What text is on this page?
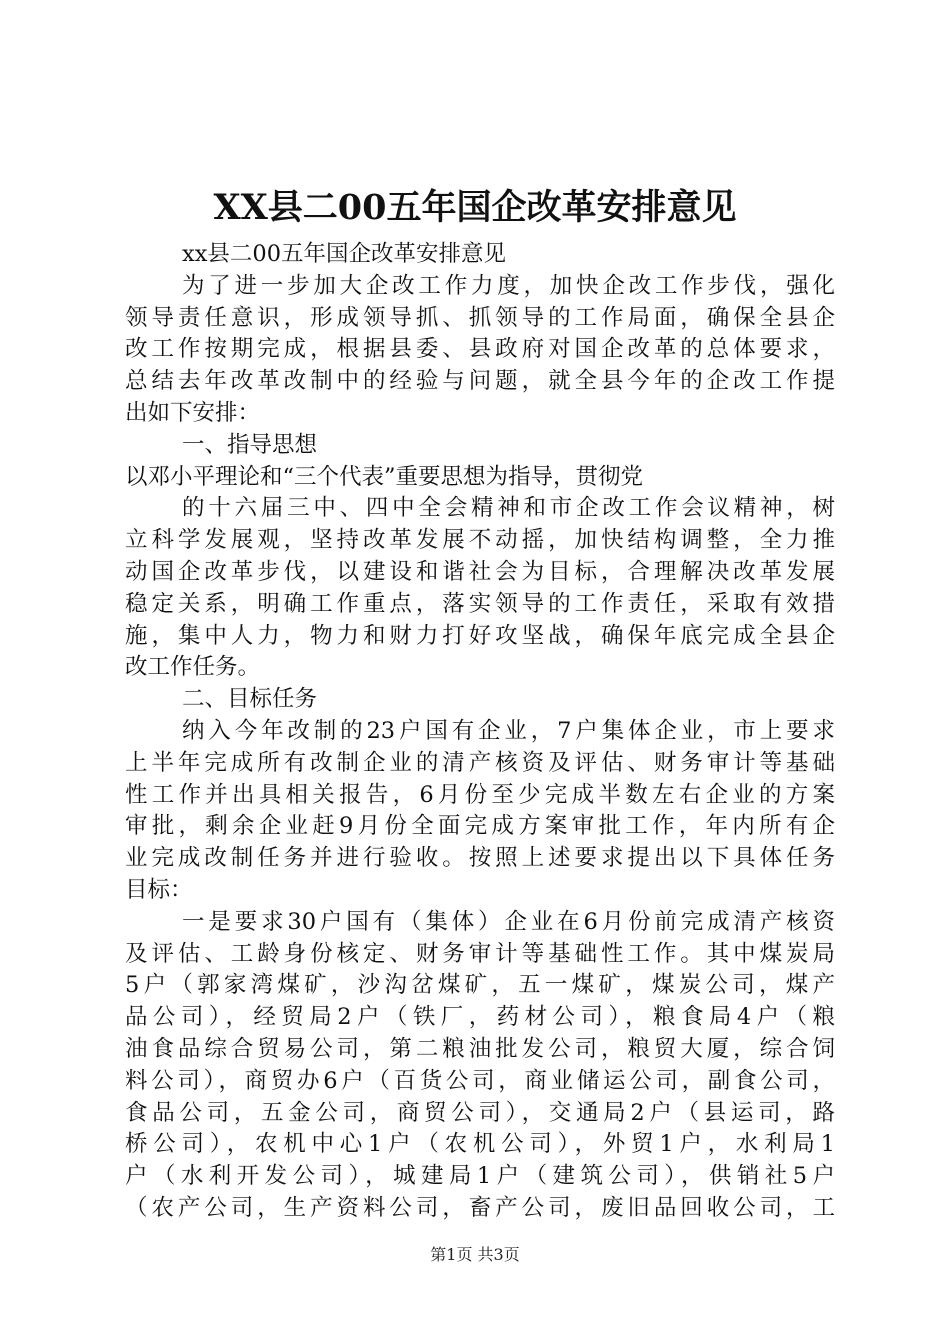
XX县二00五年国企改革安排意见
xx县二00五年国企改革安排意见
为了进一步加大企改工作力度，加快企改工作步伐，强化
领导责任意识，形成领导抓、抓领导的工作局面，确保全县企
改工作按期完成，根据县委、县政府对国企改革的总体要求，
总结去年改革改制中的经验与问题，就全县今年的企改工作提
出如下安排：
一、指导思想
以邓小平理论和“三个代表”重要思想为指导，贯彻党
的十六届三中、四中全会精神和市企改工作会议精神，树
立科学发展观，坚持改革发展不动摇，加快结构调整，全力推
动国企改革步伐，以建设和谐社会为目标，合理解决改革发展
稳定关系，明确工作重点，落实领导的工作责任，采取有效措
施，集中人力，物力和财力打好攻坚战，确保年底完成全县企
改工作任务。
二、目标任务
纳入今年改制的23户国有企业，7户集体企业，市上要求
上半年完成所有改制企业的清产核资及评估、财务审计等基础
性工作并出具相关报告，6月份至少完成半数左右企业的方案
审批，剩余企业赶9月份全面完成方案审批工作，年内所有企
业完成改制任务并进行验收。按照上述要求提出以下具体任务
目标：
一是要求30户国有（集体）企业在6月份前完成清产核资
及评估、工龄身份核定、财务审计等基础性工作。其中煤炭局
5户（郭家湾煤矿，沙沟岔煤矿，五一煤矿，煤炭公司，煤产
品公司），经贸局2户（铁厂，药材公司），粮食局4户（粮
油食品综合贸易公司，第二粮油批发公司，粮贸大厦，综合饲
料公司），商贸办6户（百货公司，商业储运公司，副食公司，
食品公司，五金公司，商贸公司），交通局2户（县运司，路
桥公司），农机中心1户（农机公司），外贸1户，水利局1
户（水利开发公司），城建局1户（建筑公司），供销社5户
（农产公司，生产资料公司，畜产公司，废旧品回收公司，工
第1页 共3页
